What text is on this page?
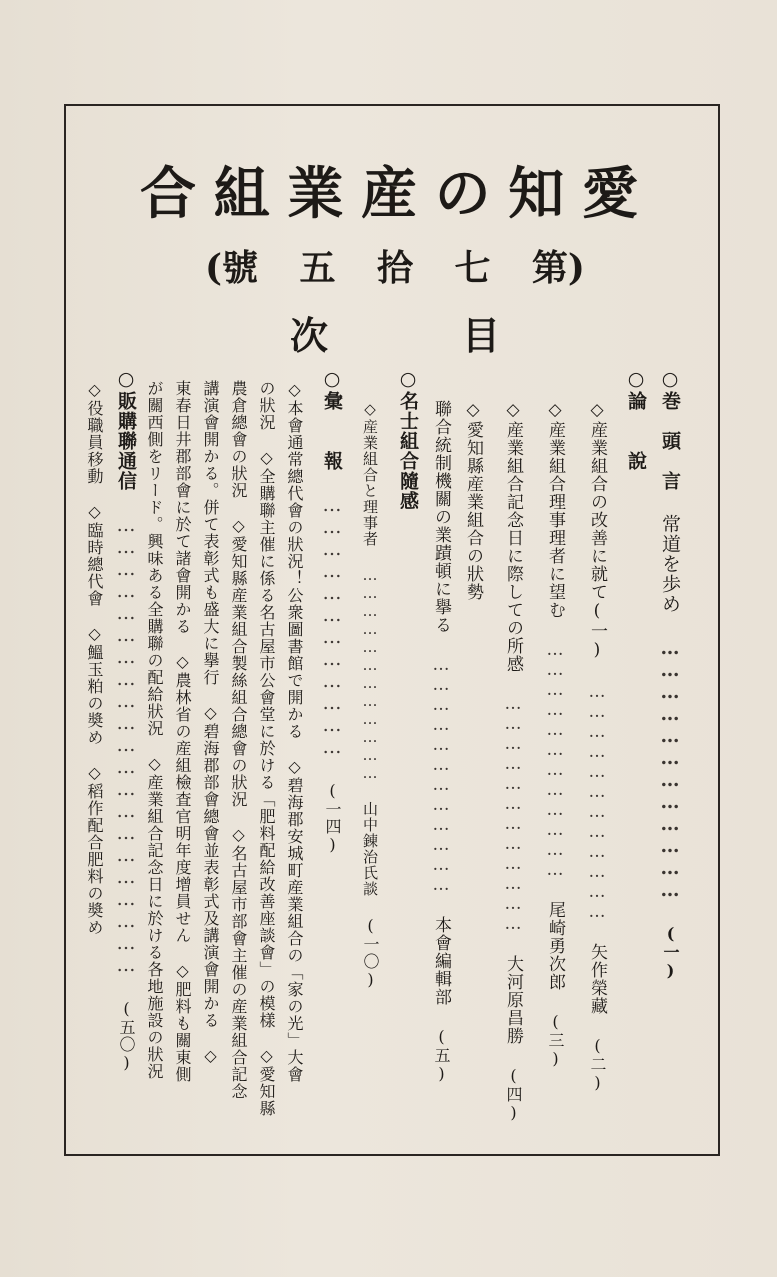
合 組 業 産 の 知 愛
(號 五 拾 七 第)
次	目
○巻　頭　言 常道を歩め ……………………………… (一)
○論　　說
◇産業組合の改善に就て(一) ……………………………… 矢作榮藏 (二)
◇産業組合理事理者に望む ……………………………… 尾崎勇次郎 (三)
◇産業組合記念日に際しての所感 ……………………………… 大河原昌勝 (四)
◇愛知縣産業組合の狀勢
聯合統制機關の業蹟頓に擧る ……………………………… 本會編輯部 (五)
○名士組合隨感
◇産業組合と理事者 ……………………………… 山中錬治氏談 (一〇)
○彙　　報 ……………………………… (一四)
◇本會通常總代會の狀況！公衆圖書館で開かる　◇碧海郡安城町産業組合の「家の光」大會
の狀況　◇全購聯主催に係る名古屋市公會堂に於ける「肥料配給改善座談會」の模樣　◇愛知縣
農倉總會の狀況　◇愛知縣産業組合製絲組合總會の狀況　◇名古屋市部會主催の産業組合記念
講演會開かる。併て表彰式も盛大に擧行　◇碧海郡部會總會並表彰式及講演會開かる　◇
東春日井郡部會に於て諸會開かる　◇農林省の産組檢査官明年度增員せん　◇肥料も關東側
が關西側をリード。興味ある全購聯の配給狀況　◇産業組合記念日に於ける各地施設の狀況
○販購聯通信 ……………………………………………………… (五〇)
◇役職員移動　◇臨時總代會　◇鰮玉粕の奬め　◇稻作配合肥料の奬め
